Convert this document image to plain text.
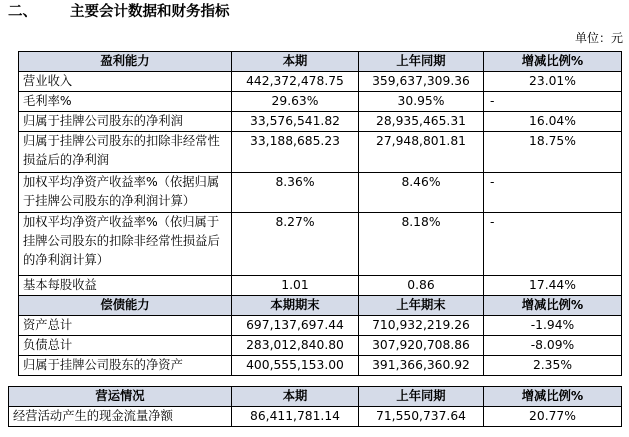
二、 主要会计数据和财务指标
单位：元
盈利能力	本期	上年同期	增减比例%
营业收入	442,372,478.75	359,637,309.36	23.01%
毛利率%	29.63%	30.95%	-
归属于挂牌公司股东的净利润	33,576,541.82	28,935,465.31	16.04%
归属于挂牌公司股东的扣除非经常性损益后的净利润	33,188,685.23	27,948,801.81	18.75%
加权平均净资产收益率%（依据归属于挂牌公司股东的净利润计算）	8.36%	8.46%	-
加权平均净资产收益率%（依归属于挂牌公司股东的扣除非经常性损益后的净利润计算）	8.27%	8.18%	-
基本每股收益	1.01	0.86	17.44%
偿债能力	本期期末	上年期末	增减比例%
资产总计	697,137,697.44	710,932,219.26	-1.94%
负债总计	283,012,840.80	307,920,708.86	-8.09%
归属于挂牌公司股东的净资产	400,555,153.00	391,366,360.92	2.35%
营运情况	本期	上年同期	增减比例%
经营活动产生的现金流量净额	86,411,781.14	71,550,737.64	20.77%
